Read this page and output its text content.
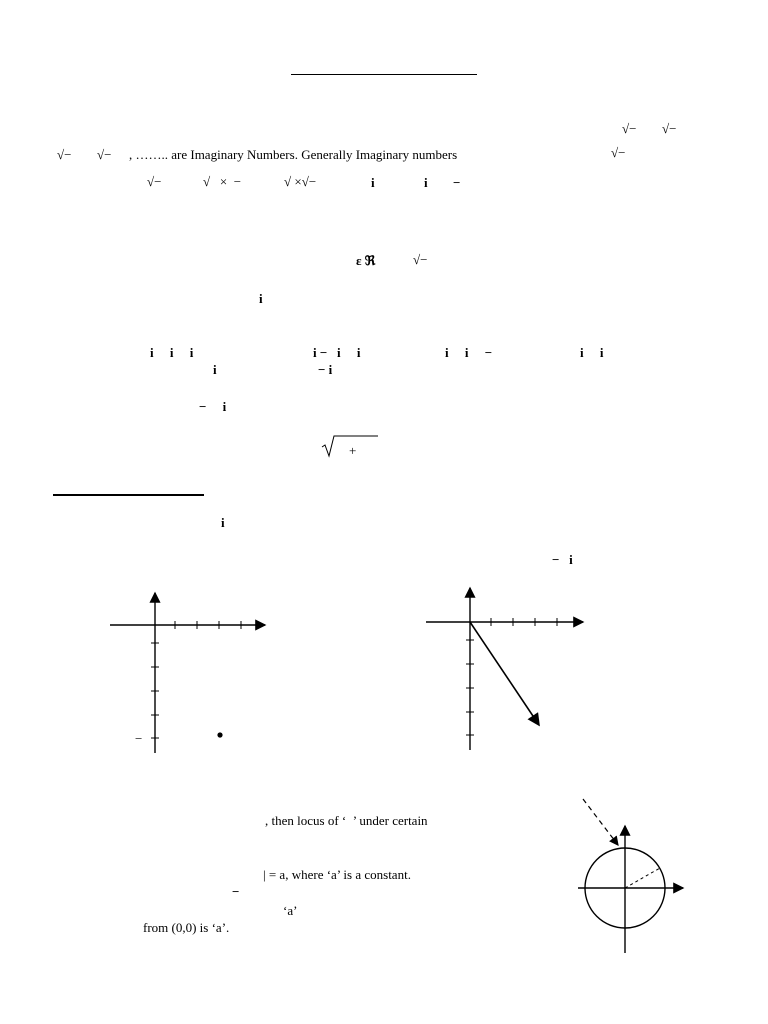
√− √−
√− √− , …….. are Imaginary Numbers. Generally Imaginary numbers	√−
√−	√   ×  −	√ ×√−	i	i −
ε ℜ	√−
i
i     i     i	i −   i     i	i     i     −	i     i
i	− i
−     i
+
i
−   i
−
, then locus of ‘  ’ under certain
| = a, where ‘a’ is a constant.
−
‘a’
from (0,0) is ‘a’.
